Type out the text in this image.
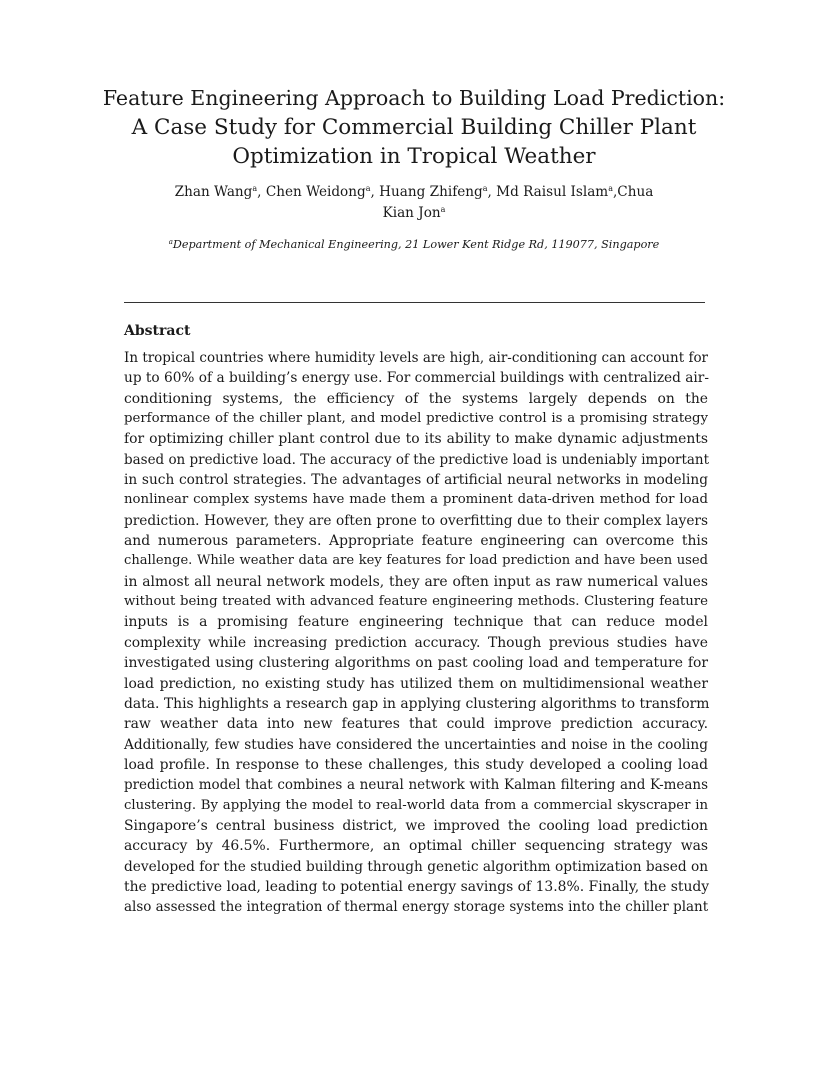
Feature Engineering Approach to Building Load Prediction:
A Case Study for Commercial Building Chiller Plant
Optimization in Tropical Weather
Zhan Wang$^a$, Chen Weidong$^a$, Huang Zhifeng$^a$, Md Raisul Islam$^a$,Chua
Kian Jon$^a$
$^a$Department of Mechanical Engineering, 21 Lower Kent Ridge Rd, 119077, Singapore
Abstract
In tropical countries where humidity levels are high, air-conditioning can account for
up to 60% of a building’s energy use. For commercial buildings with centralized air-
conditioning systems, the efficiency of the systems largely depends on the
performance of the chiller plant, and model predictive control is a promising strategy
for optimizing chiller plant control due to its ability to make dynamic adjustments
based on predictive load. The accuracy of the predictive load is undeniably important
in such control strategies. The advantages of artificial neural networks in modeling
nonlinear complex systems have made them a prominent data-driven method for load
prediction. However, they are often prone to overfitting due to their complex layers
and numerous parameters. Appropriate feature engineering can overcome this
challenge. While weather data are key features for load prediction and have been used
in almost all neural network models, they are often input as raw numerical values
without being treated with advanced feature engineering methods. Clustering feature
inputs is a promising feature engineering technique that can reduce model
complexity while increasing prediction accuracy. Though previous studies have
investigated using clustering algorithms on past cooling load and temperature for
load prediction, no existing study has utilized them on multidimensional weather
data. This highlights a research gap in applying clustering algorithms to transform
raw weather data into new features that could improve prediction accuracy.
Additionally, few studies have considered the uncertainties and noise in the cooling
load profile. In response to these challenges, this study developed a cooling load
prediction model that combines a neural network with Kalman filtering and K-means
clustering. By applying the model to real-world data from a commercial skyscraper in
Singapore’s central business district, we improved the cooling load prediction
accuracy by 46.5%. Furthermore, an optimal chiller sequencing strategy was
developed for the studied building through genetic algorithm optimization based on
the predictive load, leading to potential energy savings of 13.8%. Finally, the study
also assessed the integration of thermal energy storage systems into the chiller plant
